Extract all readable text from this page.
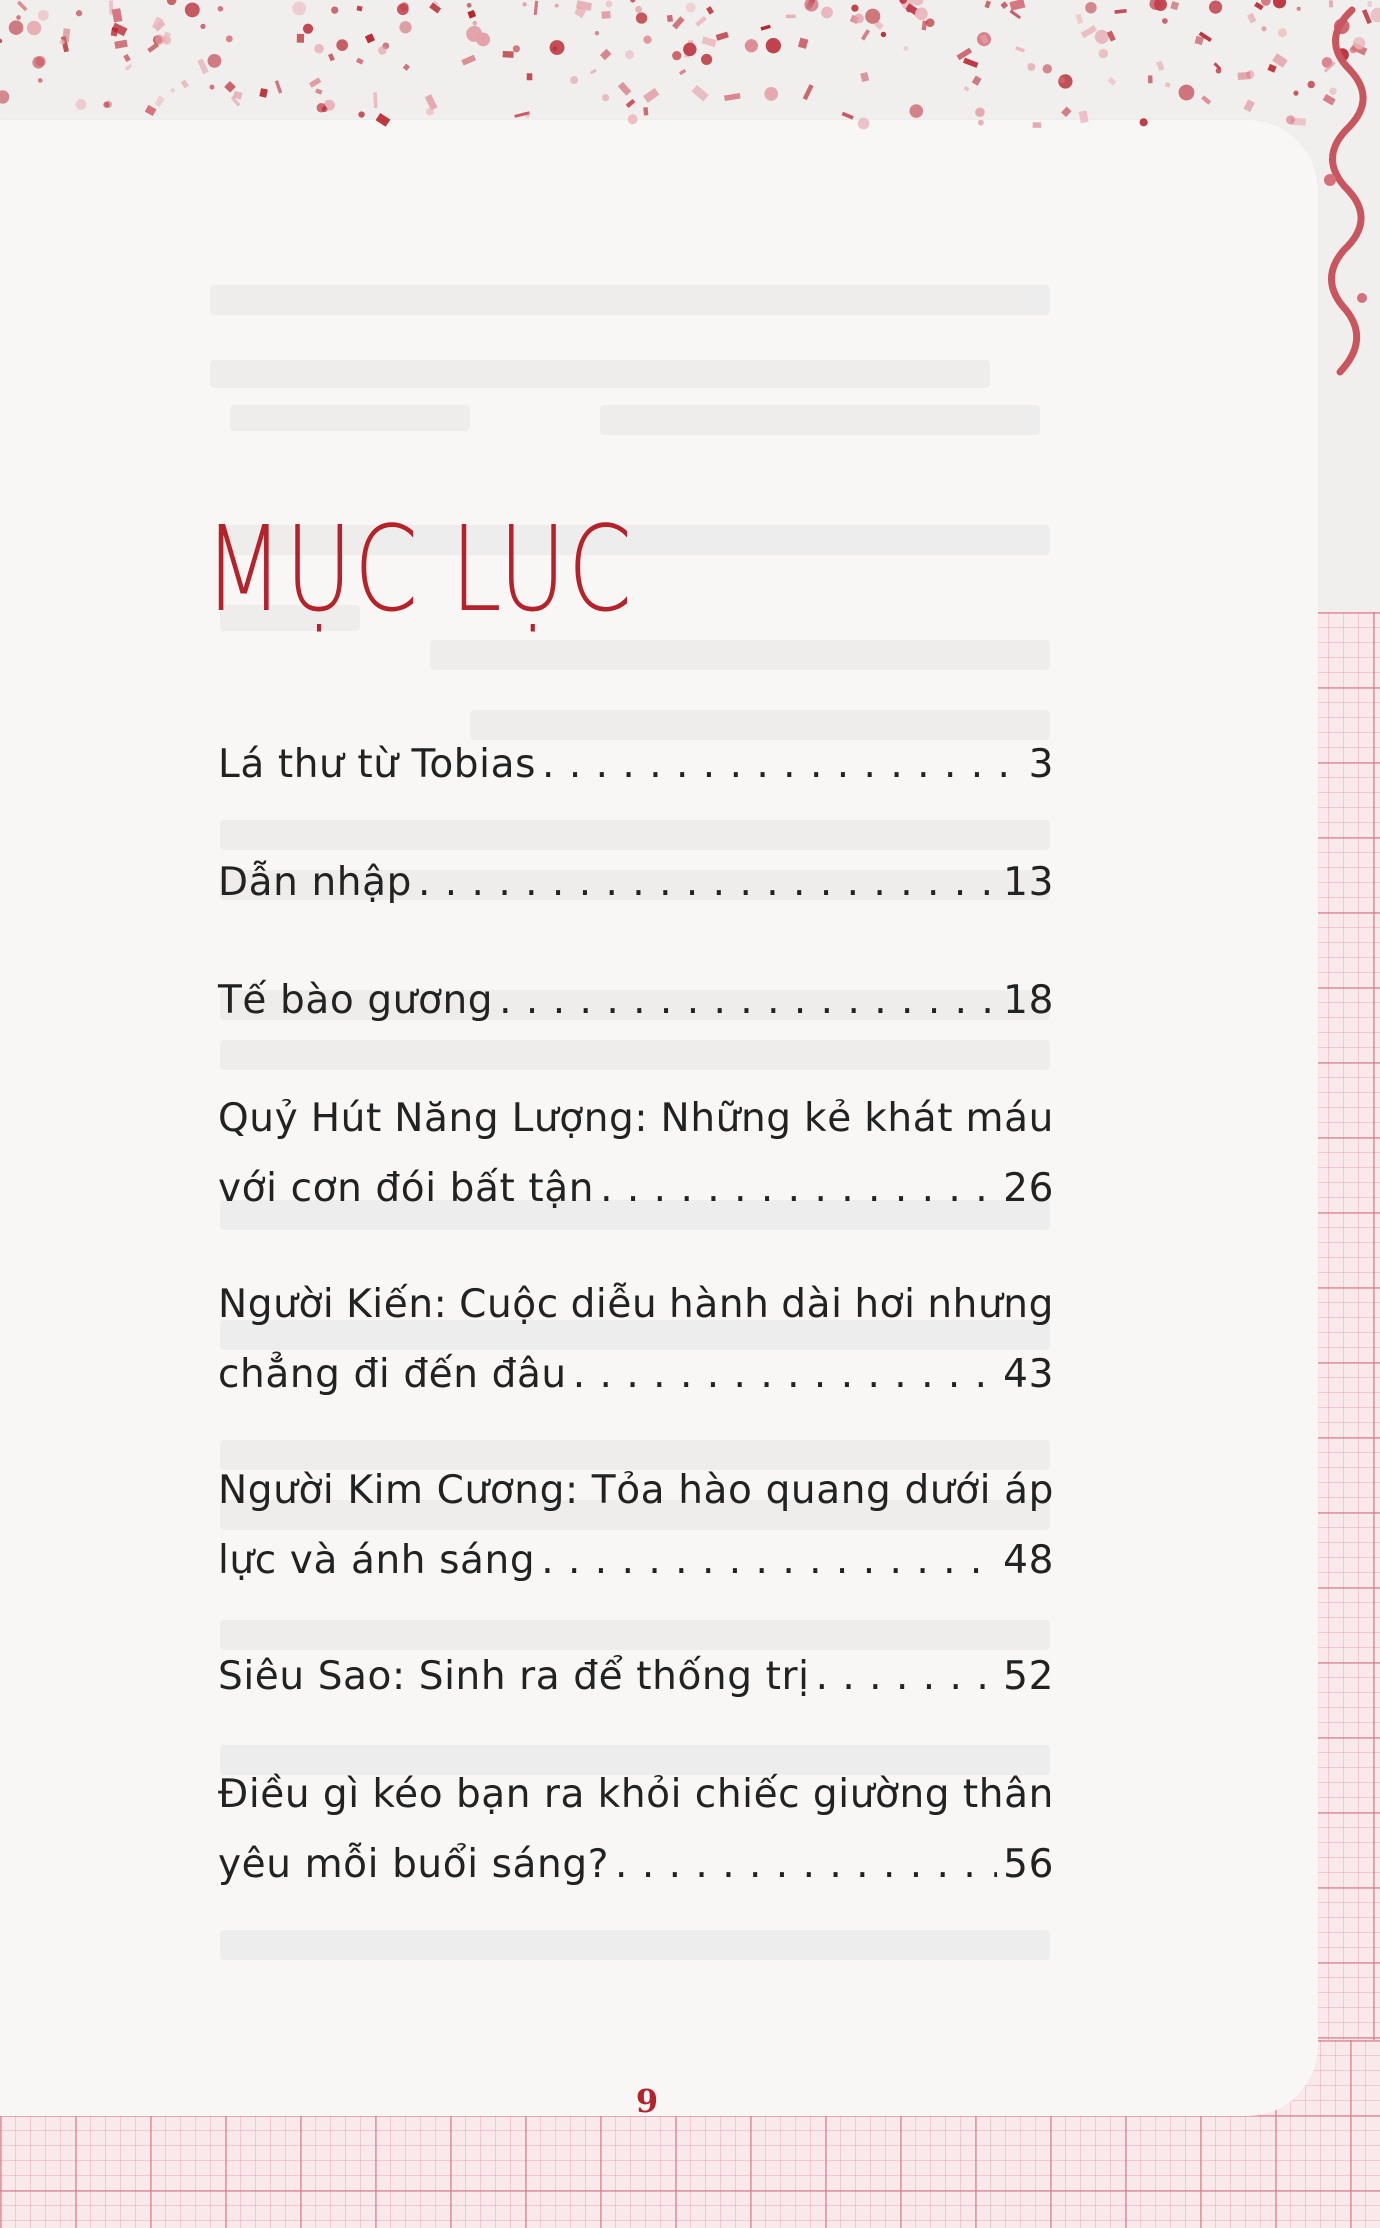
MỤC LỤC
Lá thư từ Tobias . . .	3
Dẫn nhập . . .	13
Tế bào gương . . .	18
Quỷ Hút Năng Lượng: Những kẻ khát máu
với cơn đói bất tận . . .	26
Người Kiến: Cuộc diễu hành dài hơi nhưng
chẳng đi đến đâu . . .	43
Người Kim Cương: Tỏa hào quang dưới áp
lực và ánh sáng . . .	48
Siêu Sao: Sinh ra để thống trị . . .	52
Điều gì kéo bạn ra khỏi chiếc giường thân
yêu mỗi buổi sáng? . . .	56
9
